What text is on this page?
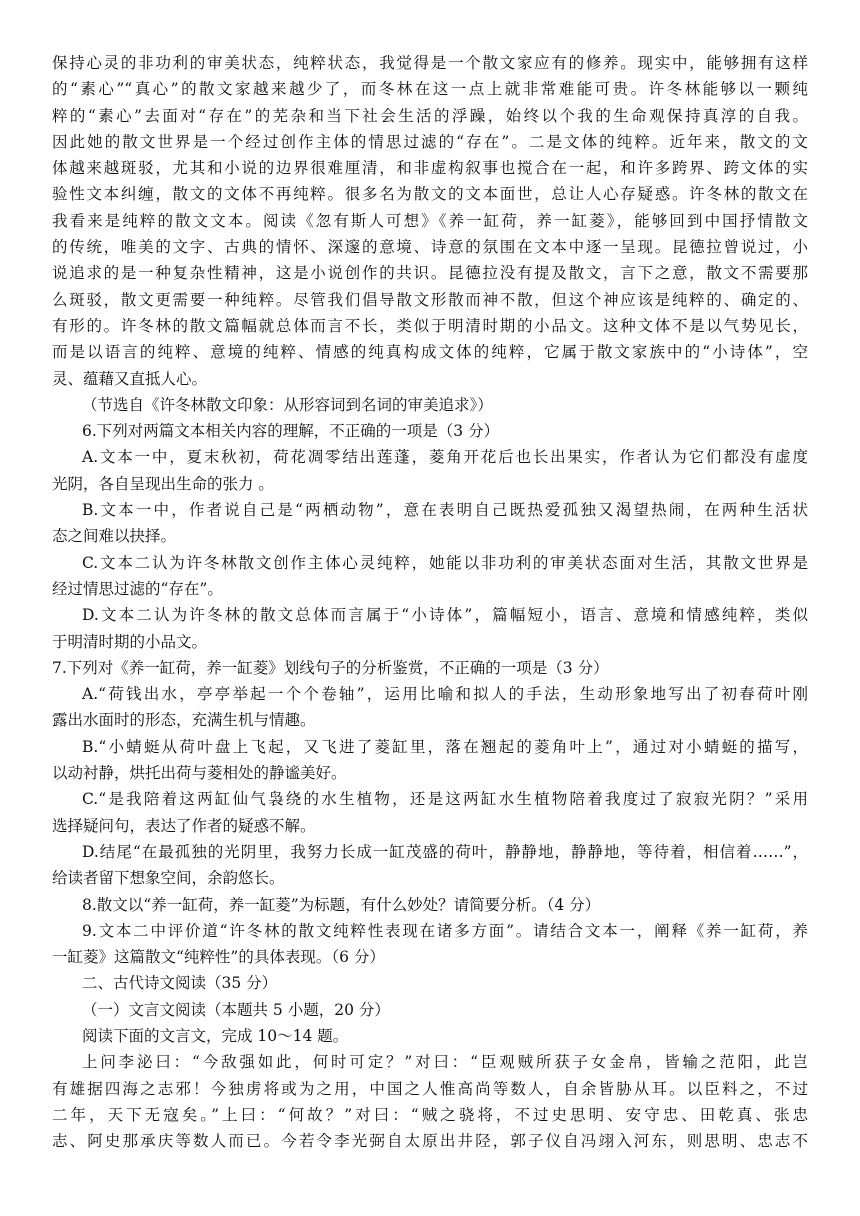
保持心灵的非功利的审美状态，纯粹状态，我觉得是一个散文家应有的修养。现实中，能够拥有这样
的“素心”“真心”的散文家越来越少了，而冬林在这一点上就非常难能可贵。许冬林能够以一颗纯
粹的“素心”去面对“存在”的芜杂和当下社会生活的浮躁，始终以个我的生命观保持真淳的自我。
因此她的散文世界是一个经过创作主体的情思过滤的“存在”。二是文体的纯粹。近年来，散文的文
体越来越斑驳，尤其和小说的边界很难厘清，和非虚构叙事也搅合在一起，和许多跨界、跨文体的实
验性文本纠缠，散文的文体不再纯粹。很多名为散文的文本面世，总让人心存疑惑。许冬林的散文在
我看来是纯粹的散文文本。阅读《忽有斯人可想》《养一缸荷，养一缸菱》，能够回到中国抒情散文
的传统，唯美的文字、古典的情怀、深邃的意境、诗意的氛围在文本中逐一呈现。昆德拉曾说过，小
说追求的是一种复杂性精神，这是小说创作的共识。昆德拉没有提及散文，言下之意，散文不需要那
么斑驳，散文更需要一种纯粹。尽管我们倡导散文形散而神不散，但这个神应该是纯粹的、确定的、
有形的。许冬林的散文篇幅就总体而言不长，类似于明清时期的小品文。这种文体不是以气势见长，
而是以语言的纯粹、意境的纯粹、情感的纯真构成文体的纯粹，它属于散文家族中的“小诗体”，空
灵、蕴藉又直抵人心。
（节选自《许冬林散文印象：从形容词到名词的审美追求》）
6.下列对两篇文本相关内容的理解，不正确的一项是（3 分）
A.文本一中，夏末秋初，荷花凋零结出莲蓬，菱角开花后也长出果实，作者认为它们都没有虚度
光阴，各自呈现出生命的张力 。
B.文本一中，作者说自己是“两栖动物”，意在表明自己既热爱孤独又渴望热闹，在两种生活状
态之间难以抉择。
C.文本二认为许冬林散文创作主体心灵纯粹，她能以非功利的审美状态面对生活，其散文世界是
经过情思过滤的“存在”。
D.文本二认为许冬林的散文总体而言属于“小诗体”，篇幅短小，语言、意境和情感纯粹，类似
于明清时期的小品文。
7.下列对《养一缸荷，养一缸菱》划线句子的分析鉴赏，不正确的一项是（3 分）
A.“荷钱出水，亭亭举起一个个卷轴”，运用比喻和拟人的手法，生动形象地写出了初春荷叶刚
露出水面时的形态，充满生机与情趣。
B.“小蜻蜓从荷叶盘上飞起，又飞进了菱缸里，落在翘起的菱角叶上”，通过对小蜻蜓的描写，
以动衬静，烘托出荷与菱相处的静谧美好。
C.“是我陪着这两缸仙气袅绕的水生植物，还是这两缸水生植物陪着我度过了寂寂光阴？”采用
选择疑问句，表达了作者的疑惑不解。
D.结尾“在最孤独的光阴里，我努力长成一缸茂盛的荷叶，静静地，静静地，等待着，相信着……”，
给读者留下想象空间，余韵悠长。
8.散文以“养一缸荷，养一缸菱”为标题，有什么妙处？请简要分析。（4 分）
9.文本二中评价道“许冬林的散文纯粹性表现在诸多方面”。请结合文本一，阐释《养一缸荷，养
一缸菱》这篇散文“纯粹性”的具体表现。（6 分）
二、古代诗文阅读（35 分）
（一）文言文阅读（本题共 5 小题，20 分）
阅读下面的文言文，完成 10～14 题。
上问李泌曰：“今敌强如此，何时可定？”对曰：“臣观贼所获子女金帛，皆输之范阳，此岂
有雄据四海之志邪！今独虏将或为之用，中国之人惟高尚等数人，自余皆胁从耳。以臣料之，不过
二年，天下无寇矣。”上曰：“何故？”对曰：“贼之骁将，不过史思明、安守忠、田乾真、张忠
志、阿史那承庆等数人而已。今若令李光弼自太原出井陉，郭子仪自冯翊入河东，则思明、忠志不
